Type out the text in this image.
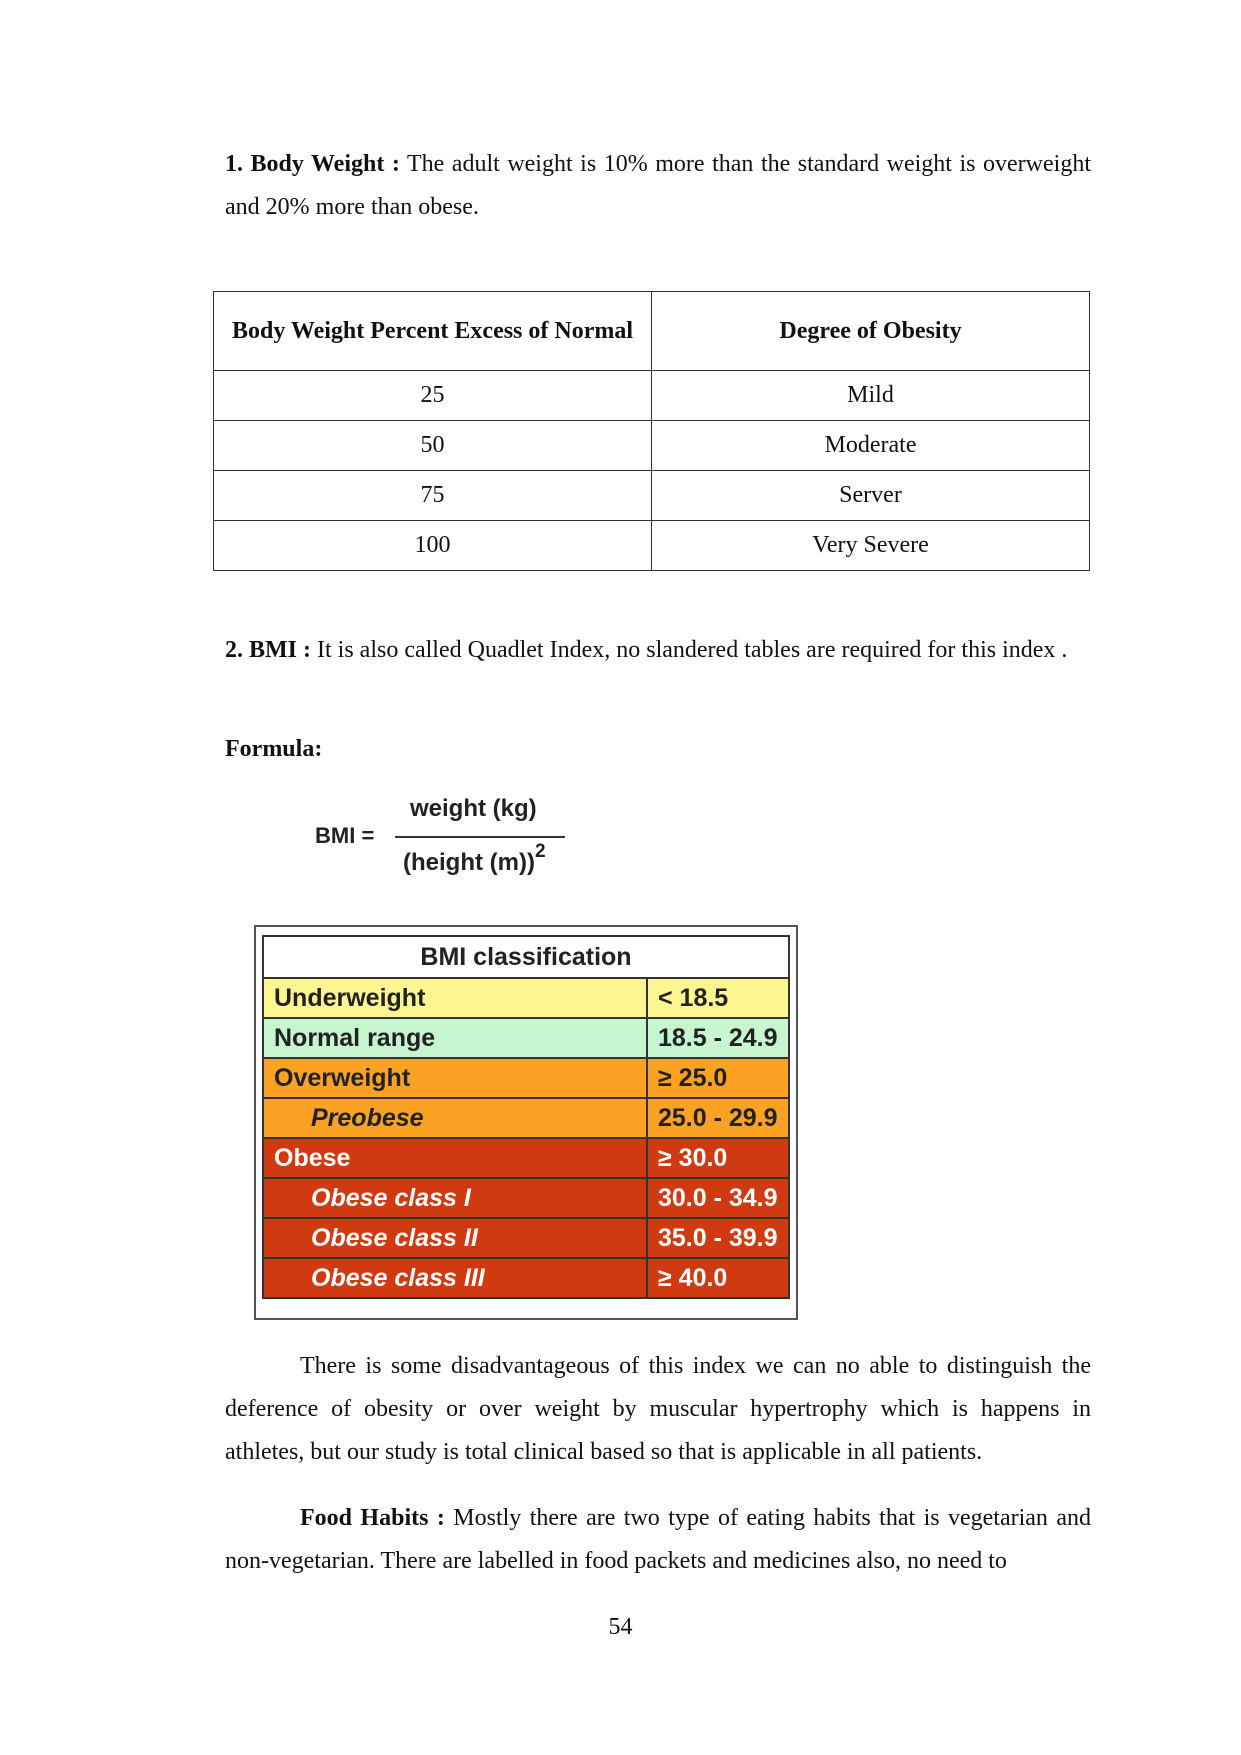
1. Body Weight : The adult weight is 10% more than the standard weight is overweight and 20% more than obese.

Body Weight Percent Excess of Normal	Degree of Obesity
25	Mild
50	Moderate
75	Server
100	Very Severe

2. BMI : It is also called Quadlet Index, no slandered tables are required for this index .

Formula:

BMI =
weight (kg)
(height (m))$^2$
BMI classification	
Underweight	< 18.5
Normal range	18.5 - 24.9
Overweight	≥ 25.0
Preobese	25.0 - 29.9
Obese	≥ 30.0
Obese class I	30.0 - 34.9
Obese class II	35.0 - 39.9
Obese class III	≥ 40.0

There is some disadvantageous of this index we can no able to distinguish the deference of obesity or over weight by muscular hypertrophy which is happens in athletes, but our study is total clinical based so that is applicable in all patients.

Food Habits : Mostly there are two type of eating habits that is vegetarian and non-vegetarian. There are labelled in food packets and medicines also, no need to

54
